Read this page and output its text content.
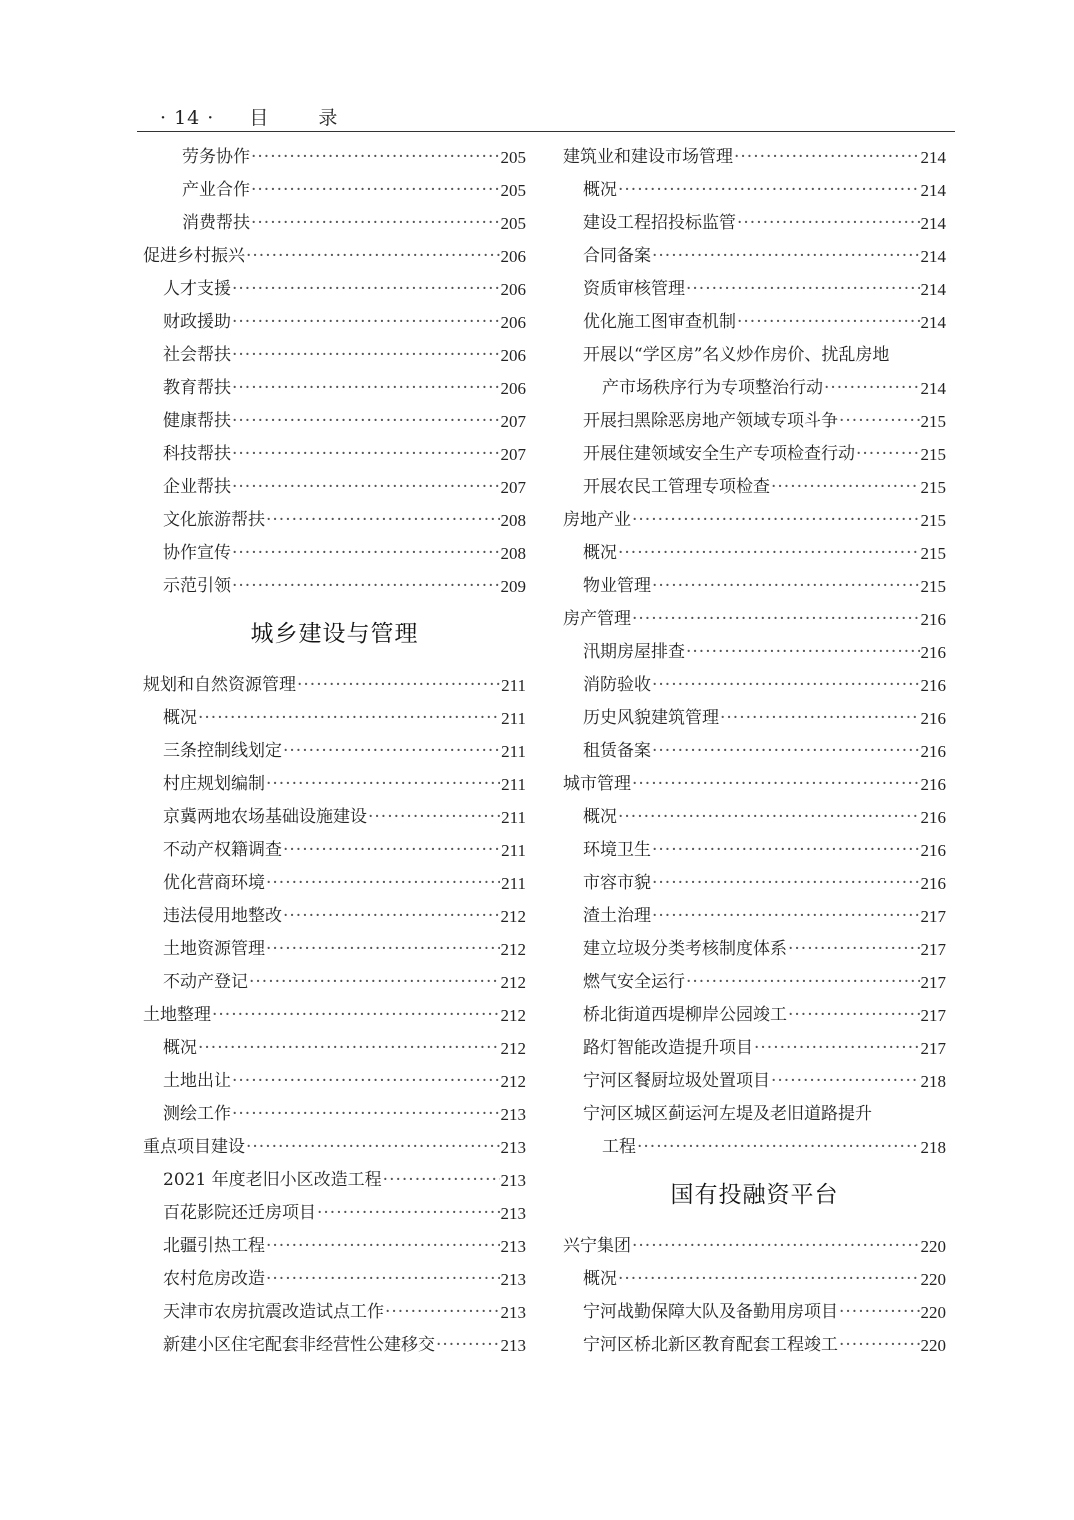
· 14 · 目 录
劳务协作 ·····	205
产业合作 ·····	205
消费帮扶 ·····	205
促进乡村振兴 ·····	206
人才支援 ·····	206
财政援助 ·····	206
社会帮扶 ·····	206
教育帮扶 ·····	206
健康帮扶 ·····	207
科技帮扶 ·····	207
企业帮扶 ·····	207
文化旅游帮扶 ·····	208
协作宣传 ·····	208
示范引领 ·····	209
城乡建设与管理
规划和自然资源管理 ·····	211
概况 ·····	211
三条控制线划定 ·····	211
村庄规划编制 ·····	211
京冀两地农场基础设施建设 ·····	211
不动产权籍调查 ·····	211
优化营商环境 ·····	211
违法侵用地整改 ·····	212
土地资源管理 ·····	212
不动产登记 ·····	212
土地整理 ·····	212
概况 ·····	212
土地出让 ·····	212
测绘工作 ·····	213
重点项目建设 ·····	213
2021 年度老旧小区改造工程 ·····	213
百花影院还迁房项目 ·····	213
北疆引热工程 ·····	213
农村危房改造 ·····	213
天津市农房抗震改造试点工作 ·····	213
新建小区住宅配套非经营性公建移交 ·····	213
建筑业和建设市场管理 ·····	214
概况 ·····	214
建设工程招投标监管 ·····	214
合同备案 ·····	214
资质审核管理 ·····	214
优化施工图审查机制 ·····	214
开展以“学区房”名义炒作房价、扰乱房地
产市场秩序行为专项整治行动 ·····	214
开展扫黑除恶房地产领域专项斗争 ·····	215
开展住建领域安全生产专项检查行动 ·····	215
开展农民工管理专项检查 ·····	215
房地产业 ·····	215
概况 ·····	215
物业管理 ·····	215
房产管理 ·····	216
汛期房屋排查 ·····	216
消防验收 ·····	216
历史风貌建筑管理 ·····	216
租赁备案 ·····	216
城市管理 ·····	216
概况 ·····	216
环境卫生 ·····	216
市容市貌 ·····	216
渣土治理 ·····	217
建立垃圾分类考核制度体系 ·····	217
燃气安全运行 ·····	217
桥北街道西堤柳岸公园竣工 ·····	217
路灯智能改造提升项目 ·····	217
宁河区餐厨垃圾处置项目 ·····	218
宁河区城区蓟运河左堤及老旧道路提升
工程 ·····	218
国有投融资平台
兴宁集团 ·····	220
概况 ·····	220
宁河战勤保障大队及备勤用房项目 ·····	220
宁河区桥北新区教育配套工程竣工 ·····	220
